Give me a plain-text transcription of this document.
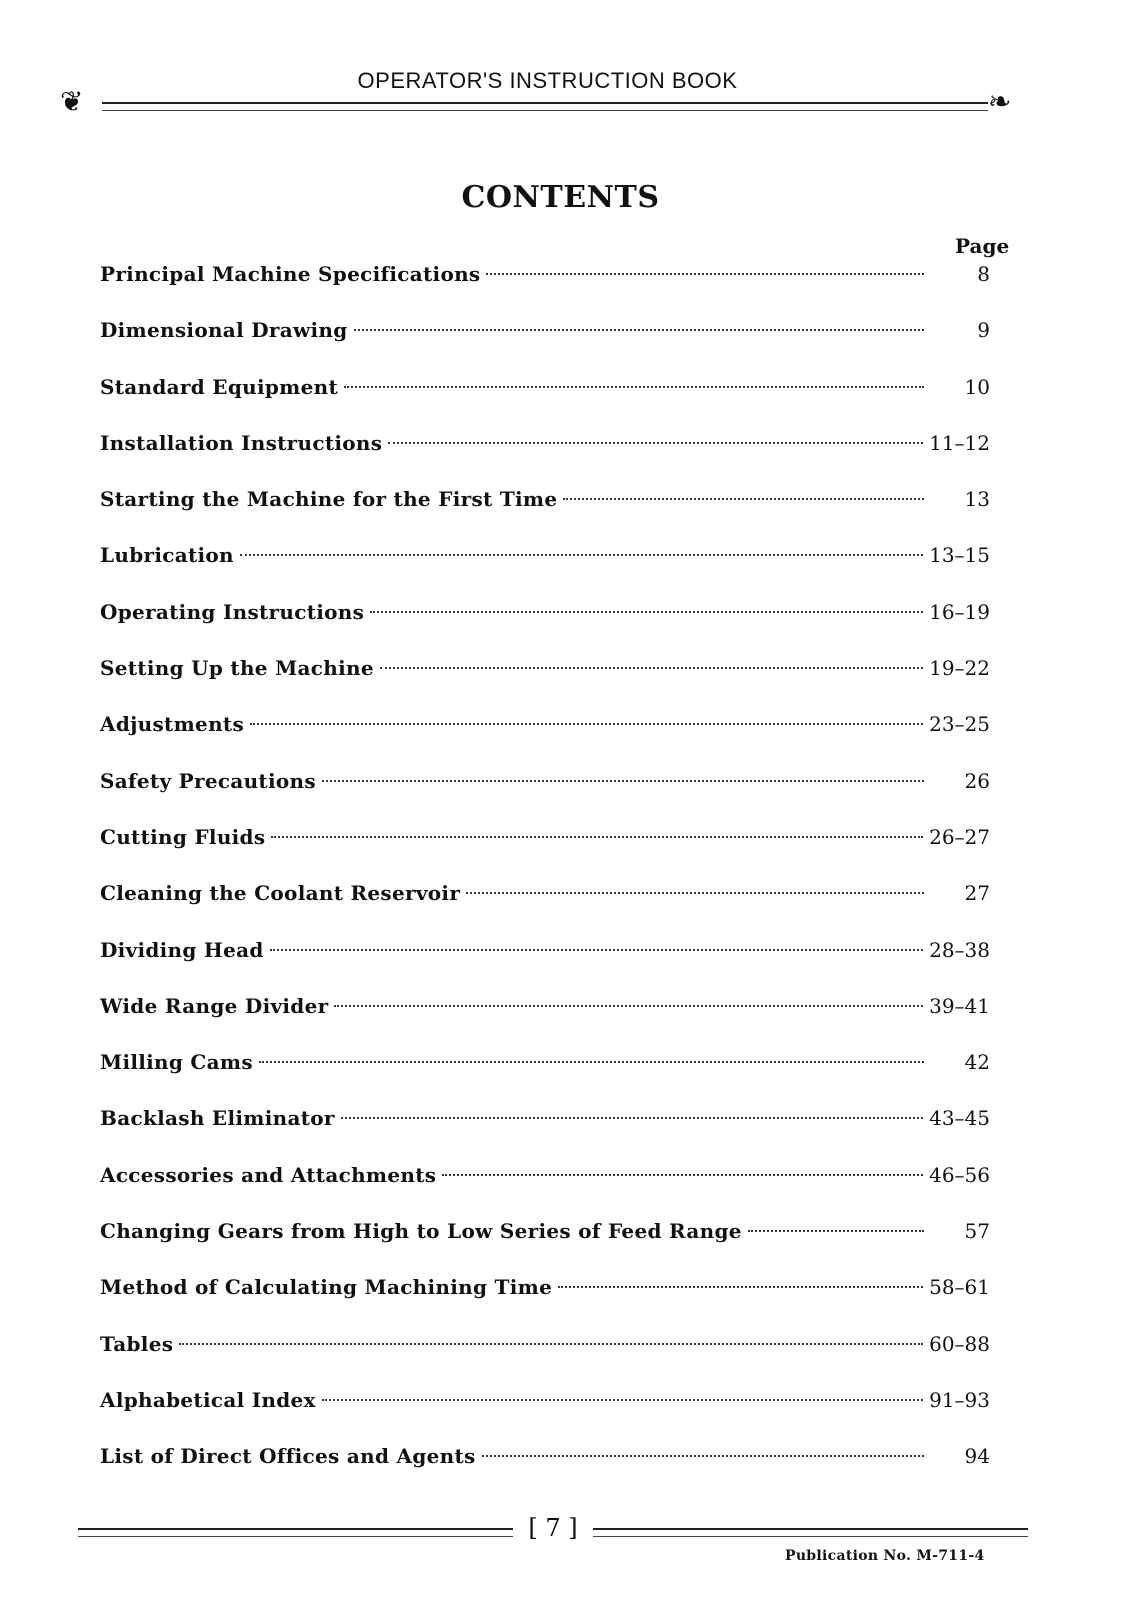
❦	❧
OPERATOR'S INSTRUCTION BOOK
CONTENTS
Page
Principal Machine Specifications	8
Dimensional Drawing	9
Standard Equipment	10
Installation Instructions	11–12
Starting the Machine for the First Time	13
Lubrication	13–15
Operating Instructions	16–19
Setting Up the Machine	19–22
Adjustments	23–25
Safety Precautions	26
Cutting Fluids	26–27
Cleaning the Coolant Reservoir	27
Dividing Head	28–38
Wide Range Divider	39–41
Milling Cams	42
Backlash Eliminator	43–45
Accessories and Attachments	46–56
Changing Gears from High to Low Series of Feed Range	57
Method of Calculating Machining Time	58–61
Tables	60–88
Alphabetical Index	91–93
List of Direct Offices and Agents	94
[ 7 ]
Publication No. M-711-4
